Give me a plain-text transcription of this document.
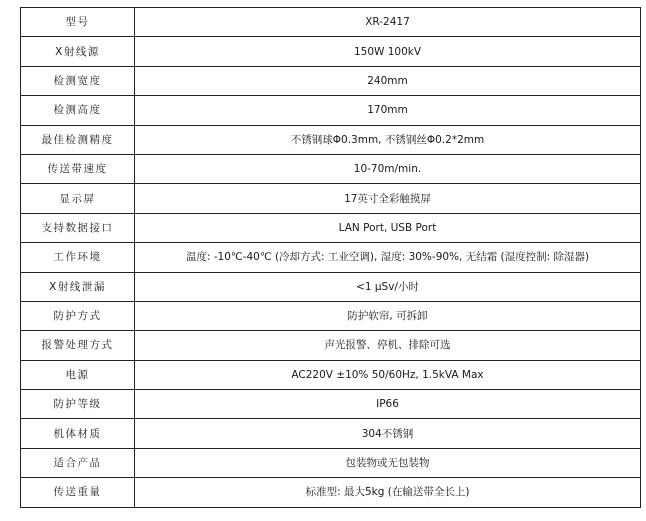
型号	XR-2417
X射线源	150W 100kV
检测宽度	240mm
检测高度	170mm
最佳检测精度	不锈钢球Φ0.3mm, 不锈钢丝Φ0.2*2mm
传送带速度	10-70m/min.
显示屏	17英寸全彩触摸屏
支持数据接口	LAN Port, USB Port
工作环境	温度: -10℃-40℃ (冷却方式: 工业空调), 湿度: 30%-90%, 无结霜 (湿度控制: 除湿器)
X射线泄漏	<1 μSv/小时
防护方式	防护软帘, 可拆卸
报警处理方式	声光报警、停机、排除可选
电源	AC220V ±10% 50/60Hz, 1.5kVA Max
防护等级	IP66
机体材质	304不锈钢
适合产品	包装物或无包装物
传送重量	标准型: 最大5kg (在输送带全长上)
